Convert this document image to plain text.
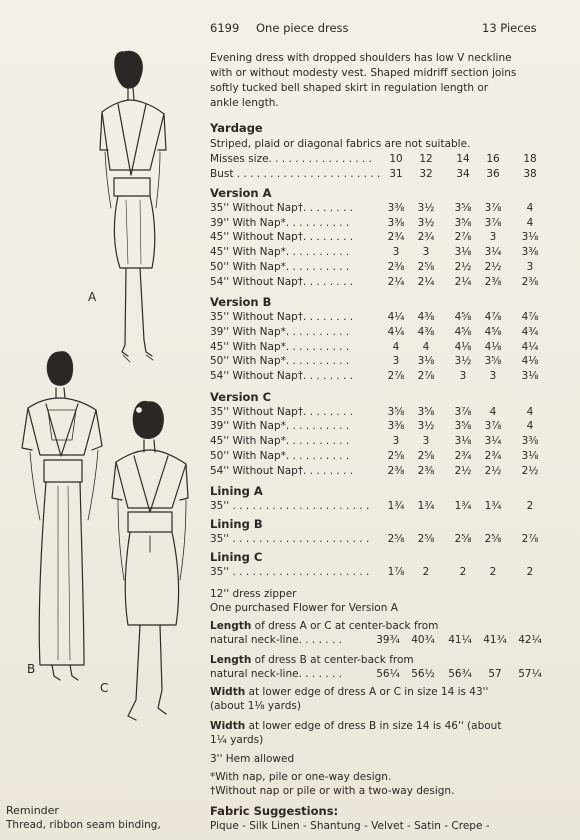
A
B
C
6199 One piece dress	13 Pieces
Evening dress with dropped shoulders has low V neckline
with or without modesty vest. Shaped midriff section joins
softly tucked bell shaped skirt in regulation length or
ankle length.
Yardage
Striped, plaid or diagonal fabrics are not suitable.
Misses size. . . . . . . . . . . . . . . .	10	12	14	16	18
Bust . . . . . . . . . . . . . . . . . . . . . . 31	32	34	36	38
Version A
35'' Without Nap†. . . . . . . .	3⅜	3½	3⅝	3⅞	4
39'' With Nap*. . . . . . . . . .	3⅜	3½	3⅝	3⅞	4
45'' Without Nap†. . . . . . . .	2¾	2¾	2⅞	3	3⅛
45'' With Nap*. . . . . . . . . .	3	3	3⅛	3¼	3⅜
50'' With Nap*. . . . . . . . . .	2⅜	2⅝	2½	2½	3
54'' Without Nap†. . . . . . . .	2¼	2¼	2¼	2⅜	2⅜
Version B
35'' Without Nap†. . . . . . . .	4¼	4⅜	4⅝	4⅞	4⅞
39'' With Nap*. . . . . . . . . .	4¼	4⅜	4⅝	4⅝	4¾
45'' With Nap*. . . . . . . . . .	4	4	4⅛	4⅛	4¼
50'' With Nap*. . . . . . . . . .	3	3⅛	3½	3⅝	4⅛
54'' Without Nap†. . . . . . . .	2⅞	2⅞	3	3	3⅛
Version C
35'' Without Nap†. . . . . . . .	3⅝	3⅝	3⅞	4	4
39'' With Nap*. . . . . . . . . .	3⅜	3½	3⅝	3⅞	4
45'' With Nap*. . . . . . . . . .	3	3	3⅛	3¼	3⅜
50'' With Nap*. . . . . . . . . .	2⅝	2⅝	2¾	2¾	3⅛
54'' Without Nap†. . . . . . . .	2⅜	2⅜	2½	2½	2½
Lining A
35'' . . . . . . . . . . . . . . . . . . . . .	1¾	1¾	1¾	1¾	2
Lining B
35'' . . . . . . . . . . . . . . . . . . . . .	2⅝	2⅝	2⅝	2⅝	2⅞
Lining C
35'' . . . . . . . . . . . . . . . . . . . . .	1⅞	2	2	2	2
12'' dress zipper
One purchased Flower for Version A
Length of dress A or C at center-back from
natural neck-line. . . . . . .	39¾ 40¾ 41¼ 41¾ 42¼
Length of dress B at center-back from
natural neck-line. . . . . . .	56¼ 56½ 56¾	57	57¼
Width at lower edge of dress A or C in size 14 is 43''
(about 1⅛ yards)
Width at lower edge of dress B in size 14 is 46'' (about
1¼ yards)
3'' Hem allowed
*With nap, pile or one-way design.
†Without nap or pile or with a two-way design.
Fabric Suggestions:
Pique - Silk Linen - Shantung - Velvet - Satin - Crepe -
Reminder
Thread, ribbon seam binding,
